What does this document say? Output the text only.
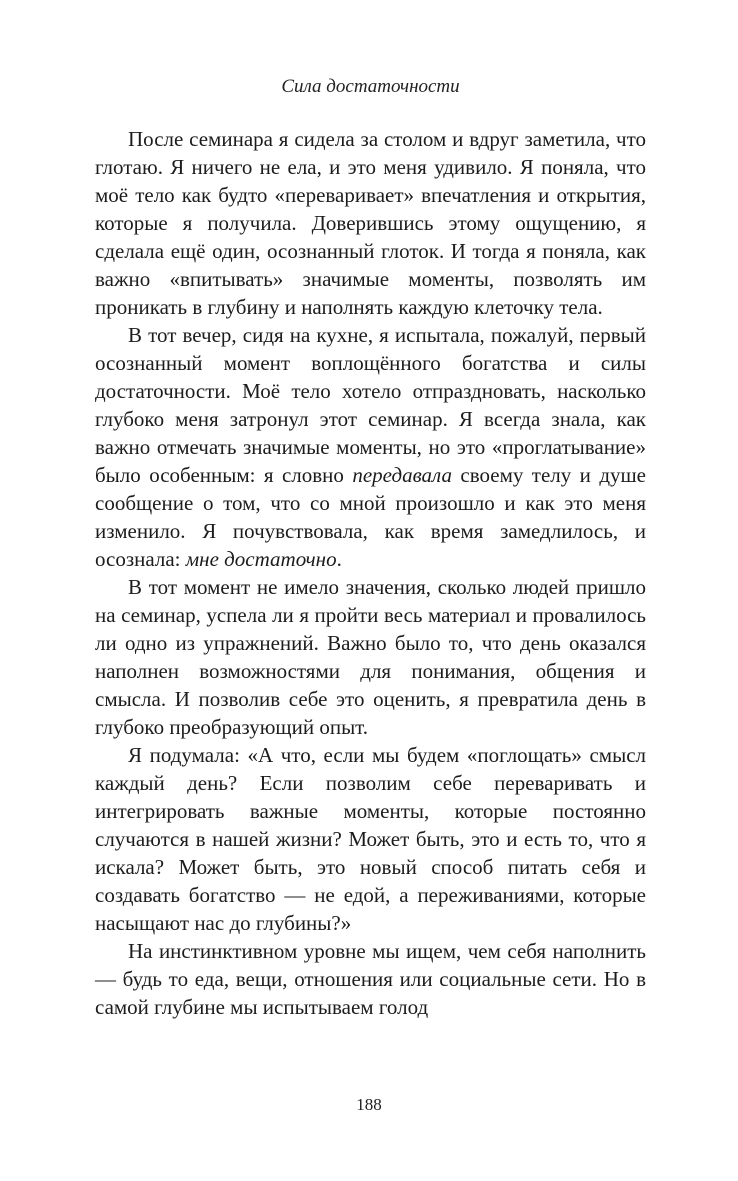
Сила достаточности

После семинара я сидела за столом и вдруг заметила, что глотаю. Я ничего не ела, и это меня удивило. Я поняла, что моё тело как будто «переваривает» впечатления и открытия, которые я получила. Доверившись этому ощущению, я сделала ещё один, осознанный глоток. И тогда я поняла, как важно «впитывать» значимые моменты, позволять им проникать в глубину и наполнять каждую клеточку тела.

В тот вечер, сидя на кухне, я испытала, пожалуй, первый осознанный момент воплощённого богатства и силы достаточности. Моё тело хотело отпраздновать, насколько глубоко меня затронул этот семинар. Я всегда знала, как важно отмечать значимые моменты, но это «проглатывание» было особенным: я словно передавала своему телу и душе сообщение о том, что со мной произошло и как это меня изменило. Я почувствовала, как время замедлилось, и осознала: мне достаточно.

В тот момент не имело значения, сколько людей пришло на семинар, успела ли я пройти весь материал и провалилось ли одно из упражнений. Важно было то, что день оказался наполнен возможностями для понимания, общения и смысла. И позволив себе это оценить, я превратила день в глубоко преобразующий опыт.

Я подумала: «А что, если мы будем «поглощать» смысл каждый день? Если позволим себе переваривать и интегрировать важные моменты, которые постоянно случаются в нашей жизни? Может быть, это и есть то, что я искала? Может быть, это новый способ питать себя и создавать богатство — не едой, а переживаниями, которые насыщают нас до глубины?»

На инстинктивном уровне мы ищем, чем себя наполнить — будь то еда, вещи, отношения или социальные сети. Но в самой глубине мы испытываем голод

188
